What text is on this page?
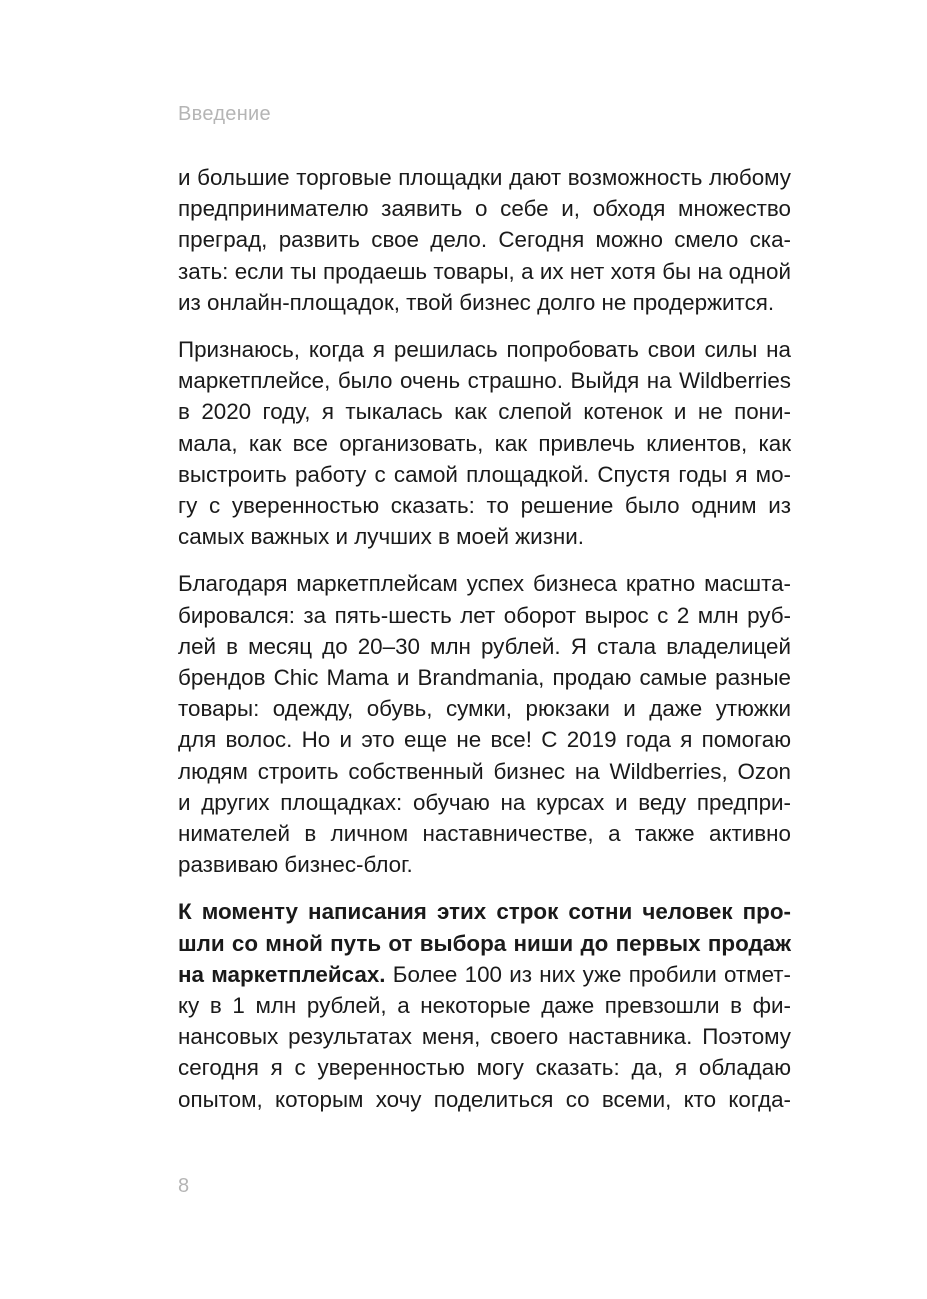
Введение
и большие торговые площадки дают возможность любому
предпринимателю заявить о себе и, обходя множество
преград, развить свое дело. Сегодня можно смело ска-
зать: если ты продаешь товары, а их нет хотя бы на одной
из онлайн-площадок, твой бизнес долго не продержится.
Признаюсь, когда я решилась попробовать свои силы на
маркетплейсе, было очень страшно. Выйдя на Wildberries
в 2020 году, я тыкалась как слепой котенок и не пони-
мала, как все организовать, как привлечь клиентов, как
выстроить работу с самой площадкой. Спустя годы я мо-
гу с уверенностью сказать: то решение было одним из
самых важных и лучших в моей жизни.
Благодаря маркетплейсам успех бизнеса кратно масшта-
бировался: за пять-шесть лет оборот вырос с 2 млн руб-
лей в месяц до 20–30 млн рублей. Я стала владелицей
брендов Chic Mama и Brandmania, продаю самые разные
товары: одежду, обувь, сумки, рюкзаки и даже утюжки
для волос. Но и это еще не все! С 2019 года я помогаю
людям строить собственный бизнес на Wildberries, Ozon
и других площадках: обучаю на курсах и веду предпри-
нимателей в личном наставничестве, а также активно
развиваю бизнес-блог.
К моменту написания этих строк сотни человек про-
шли со мной путь от выбора ниши до первых продаж
на маркетплейсах. Более 100 из них уже пробили отмет-
ку в 1 млн рублей, а некоторые даже превзошли в фи-
нансовых результатах меня, своего наставника. Поэтому
сегодня я с уверенностью могу сказать: да, я обладаю
опытом, которым хочу поделиться со всеми, кто когда-
8
